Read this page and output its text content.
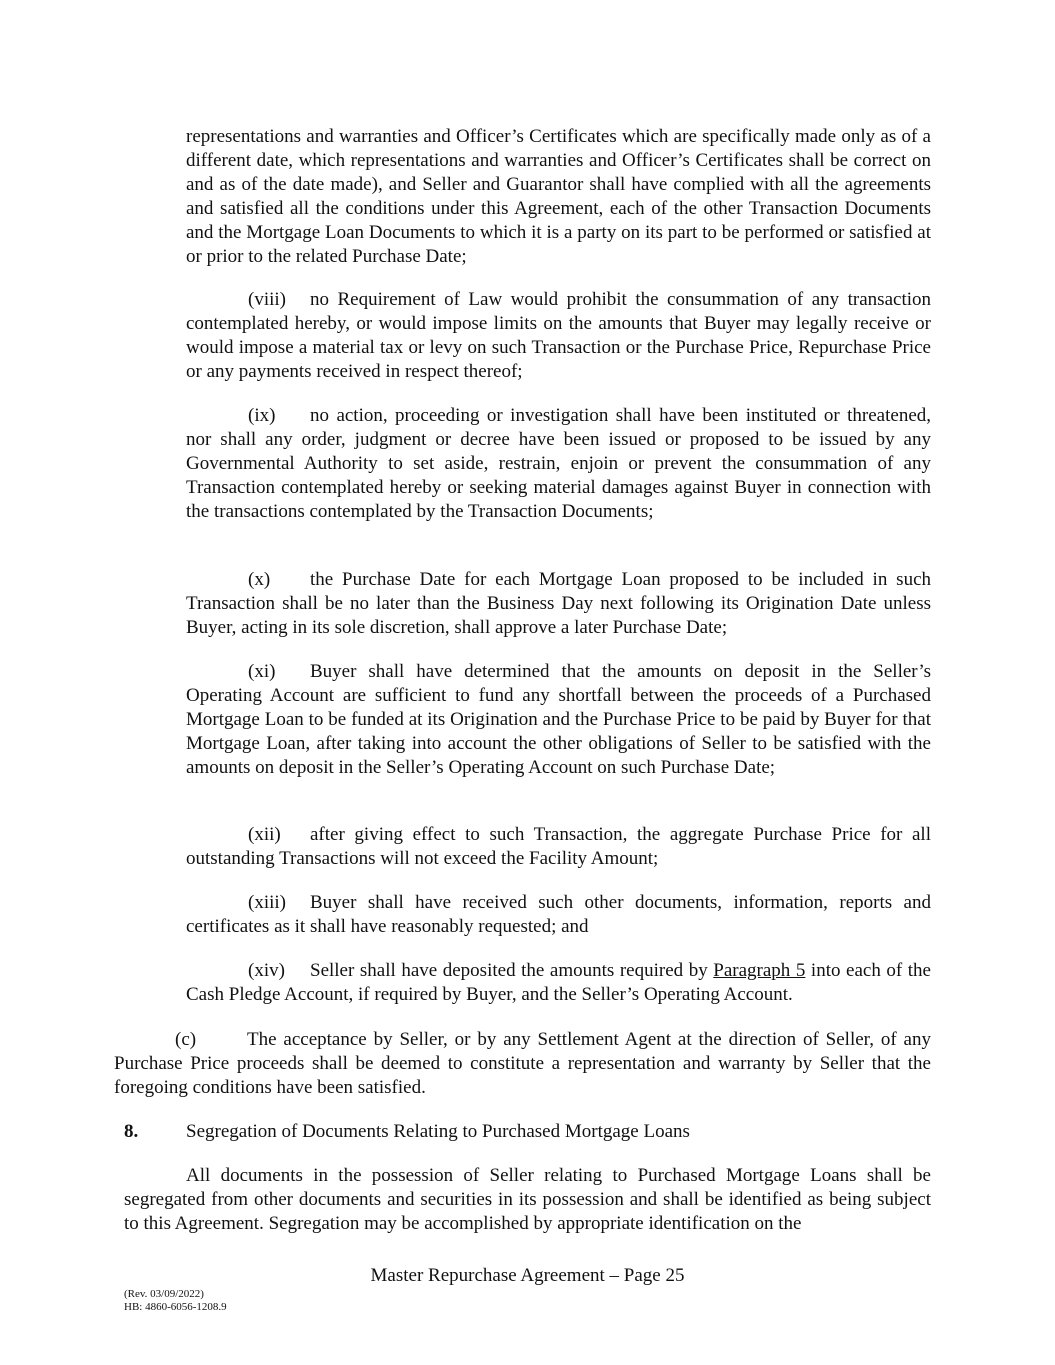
representations and warranties and Officer’s Certificates which are specifically made only as of a different date, which representations and warranties and Officer’s Certificates shall be correct on and as of the date made), and Seller and Guarantor shall have complied with all the agreements and satisfied all the conditions under this Agreement, each of the other Transaction Documents and the Mortgage Loan Documents to which it is a party on its part to be performed or satisfied at or prior to the related Purchase Date;

(viii) no Requirement of Law would prohibit the consummation of any transaction contemplated hereby, or would impose limits on the amounts that Buyer may legally receive or would impose a material tax or levy on such Transaction or the Purchase Price, Repurchase Price or any payments received in respect thereof;

(ix) no action, proceeding or investigation shall have been instituted or threatened, nor shall any order, judgment or decree have been issued or proposed to be issued by any Governmental Authority to set aside, restrain, enjoin or prevent the consummation of any Transaction contemplated hereby or seeking material damages against Buyer in connection with the transactions contemplated by the Transaction Documents;

(x) the Purchase Date for each Mortgage Loan proposed to be included in such Transaction shall be no later than the Business Day next following its Origination Date unless Buyer, acting in its sole discretion, shall approve a later Purchase Date;

(xi) Buyer shall have determined that the amounts on deposit in the Seller’s Operating Account are sufficient to fund any shortfall between the proceeds of a Purchased Mortgage Loan to be funded at its Origination and the Purchase Price to be paid by Buyer for that Mortgage Loan, after taking into account the other obligations of Seller to be satisfied with the amounts on deposit in the Seller’s Operating Account on such Purchase Date;

(xii) after giving effect to such Transaction, the aggregate Purchase Price for all outstanding Transactions will not exceed the Facility Amount;

(xiii) Buyer shall have received such other documents, information, reports and certificates as it shall have reasonably requested; and

(xiv) Seller shall have deposited the amounts required by Paragraph 5 into each of the Cash Pledge Account, if required by Buyer, and the Seller’s Operating Account.

(c)	The acceptance by Seller, or by any Settlement Agent at the direction of Seller, of any Purchase Price proceeds shall be deemed to constitute a representation and warranty by Seller that the foregoing conditions have been satisfied.

8.	Segregation of Documents Relating to Purchased Mortgage Loans

All documents in the possession of Seller relating to Purchased Mortgage Loans shall be segregated from other documents and securities in its possession and shall be identified as being subject to this Agreement. Segregation may be accomplished by appropriate identification on the

Master Repurchase Agreement – Page 25

(Rev. 03/09/2022)

HB: 4860-6056-1208.9
